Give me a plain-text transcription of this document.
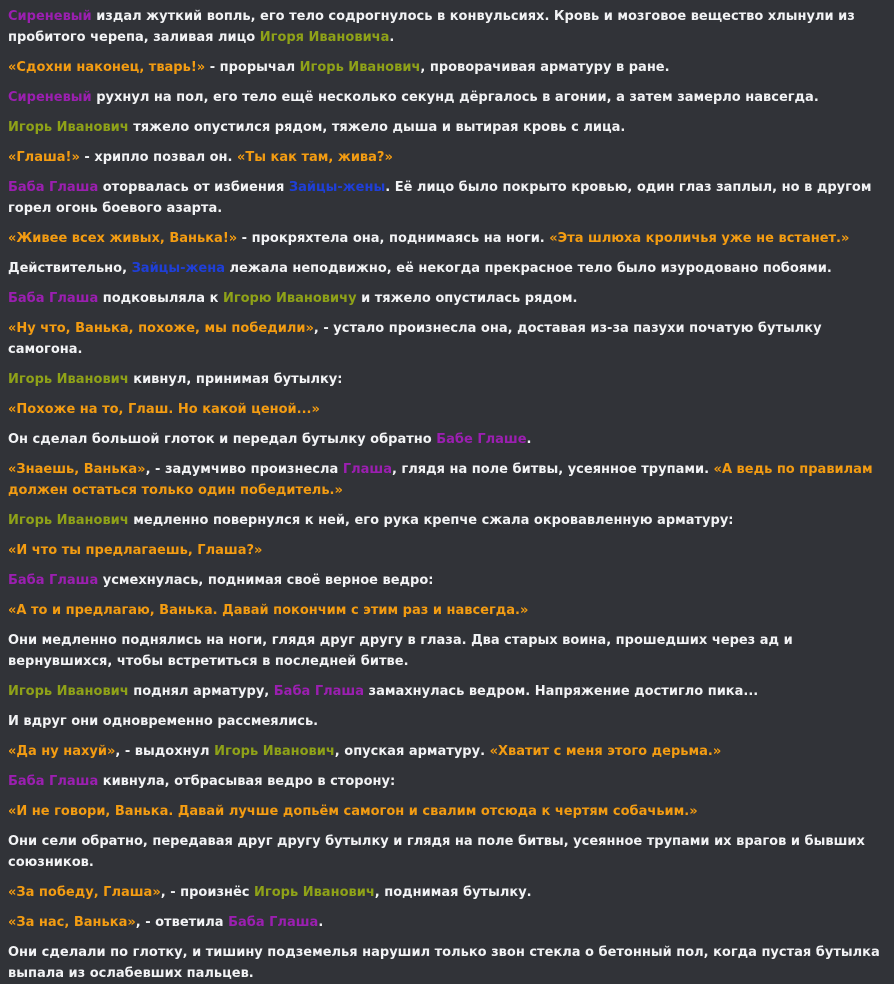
Сиреневый издал жуткий вопль, его тело содрогнулось в конвульсиях. Кровь и мозговое вещество хлынули из пробитого черепа, заливая лицо Игоря Ивановича.
«Сдохни наконец, тварь!» - прорычал Игорь Иванович, проворачивая арматуру в ране.
Сиреневый рухнул на пол, его тело ещё несколько секунд дёргалось в агонии, а затем замерло навсегда.
Игорь Иванович тяжело опустился рядом, тяжело дыша и вытирая кровь с лица.
«Глаша!» - хрипло позвал он. «Ты как там, жива?»
Баба Глаша оторвалась от избиения Зайцы-жены. Её лицо было покрыто кровью, один глаз заплыл, но в другом горел огонь боевого азарта.
«Живее всех живых, Ванька!» - прокряхтела она, поднимаясь на ноги. «Эта шлюха кроличья уже не встанет.»
Действительно, Зайцы-жена лежала неподвижно, её некогда прекрасное тело было изуродовано побоями.
Баба Глаша подковыляла к Игорю Ивановичу и тяжело опустилась рядом.
«Ну что, Ванька, похоже, мы победили», - устало произнесла она, доставая из-за пазухи початую бутылку самогона.
Игорь Иванович кивнул, принимая бутылку:
«Похоже на то, Глаш. Но какой ценой...»
Он сделал большой глоток и передал бутылку обратно Бабе Глаше.
«Знаешь, Ванька», - задумчиво произнесла Глаша, глядя на поле битвы, усеянное трупами. «А ведь по правилам должен остаться только один победитель.»
Игорь Иванович медленно повернулся к ней, его рука крепче сжала окровавленную арматуру:
«И что ты предлагаешь, Глаша?»
Баба Глаша усмехнулась, поднимая своё верное ведро:
«А то и предлагаю, Ванька. Давай покончим с этим раз и навсегда.»
Они медленно поднялись на ноги, глядя друг другу в глаза. Два старых воина, прошедших через ад и вернувшихся, чтобы встретиться в последней битве.
Игорь Иванович поднял арматуру, Баба Глаша замахнулась ведром. Напряжение достигло пика...
И вдруг они одновременно рассмеялись.
«Да ну нахуй», - выдохнул Игорь Иванович, опуская арматуру. «Хватит с меня этого дерьма.»
Баба Глаша кивнула, отбрасывая ведро в сторону:
«И не говори, Ванька. Давай лучше допьём самогон и свалим отсюда к чертям собачьим.»
Они сели обратно, передавая друг другу бутылку и глядя на поле битвы, усеянное трупами их врагов и бывших союзников.
«За победу, Глаша», - произнёс Игорь Иванович, поднимая бутылку.
«За нас, Ванька», - ответила Баба Глаша.
Они сделали по глотку, и тишину подземелья нарушил только звон стекла о бетонный пол, когда пустая бутылка выпала из ослабевших пальцев.
